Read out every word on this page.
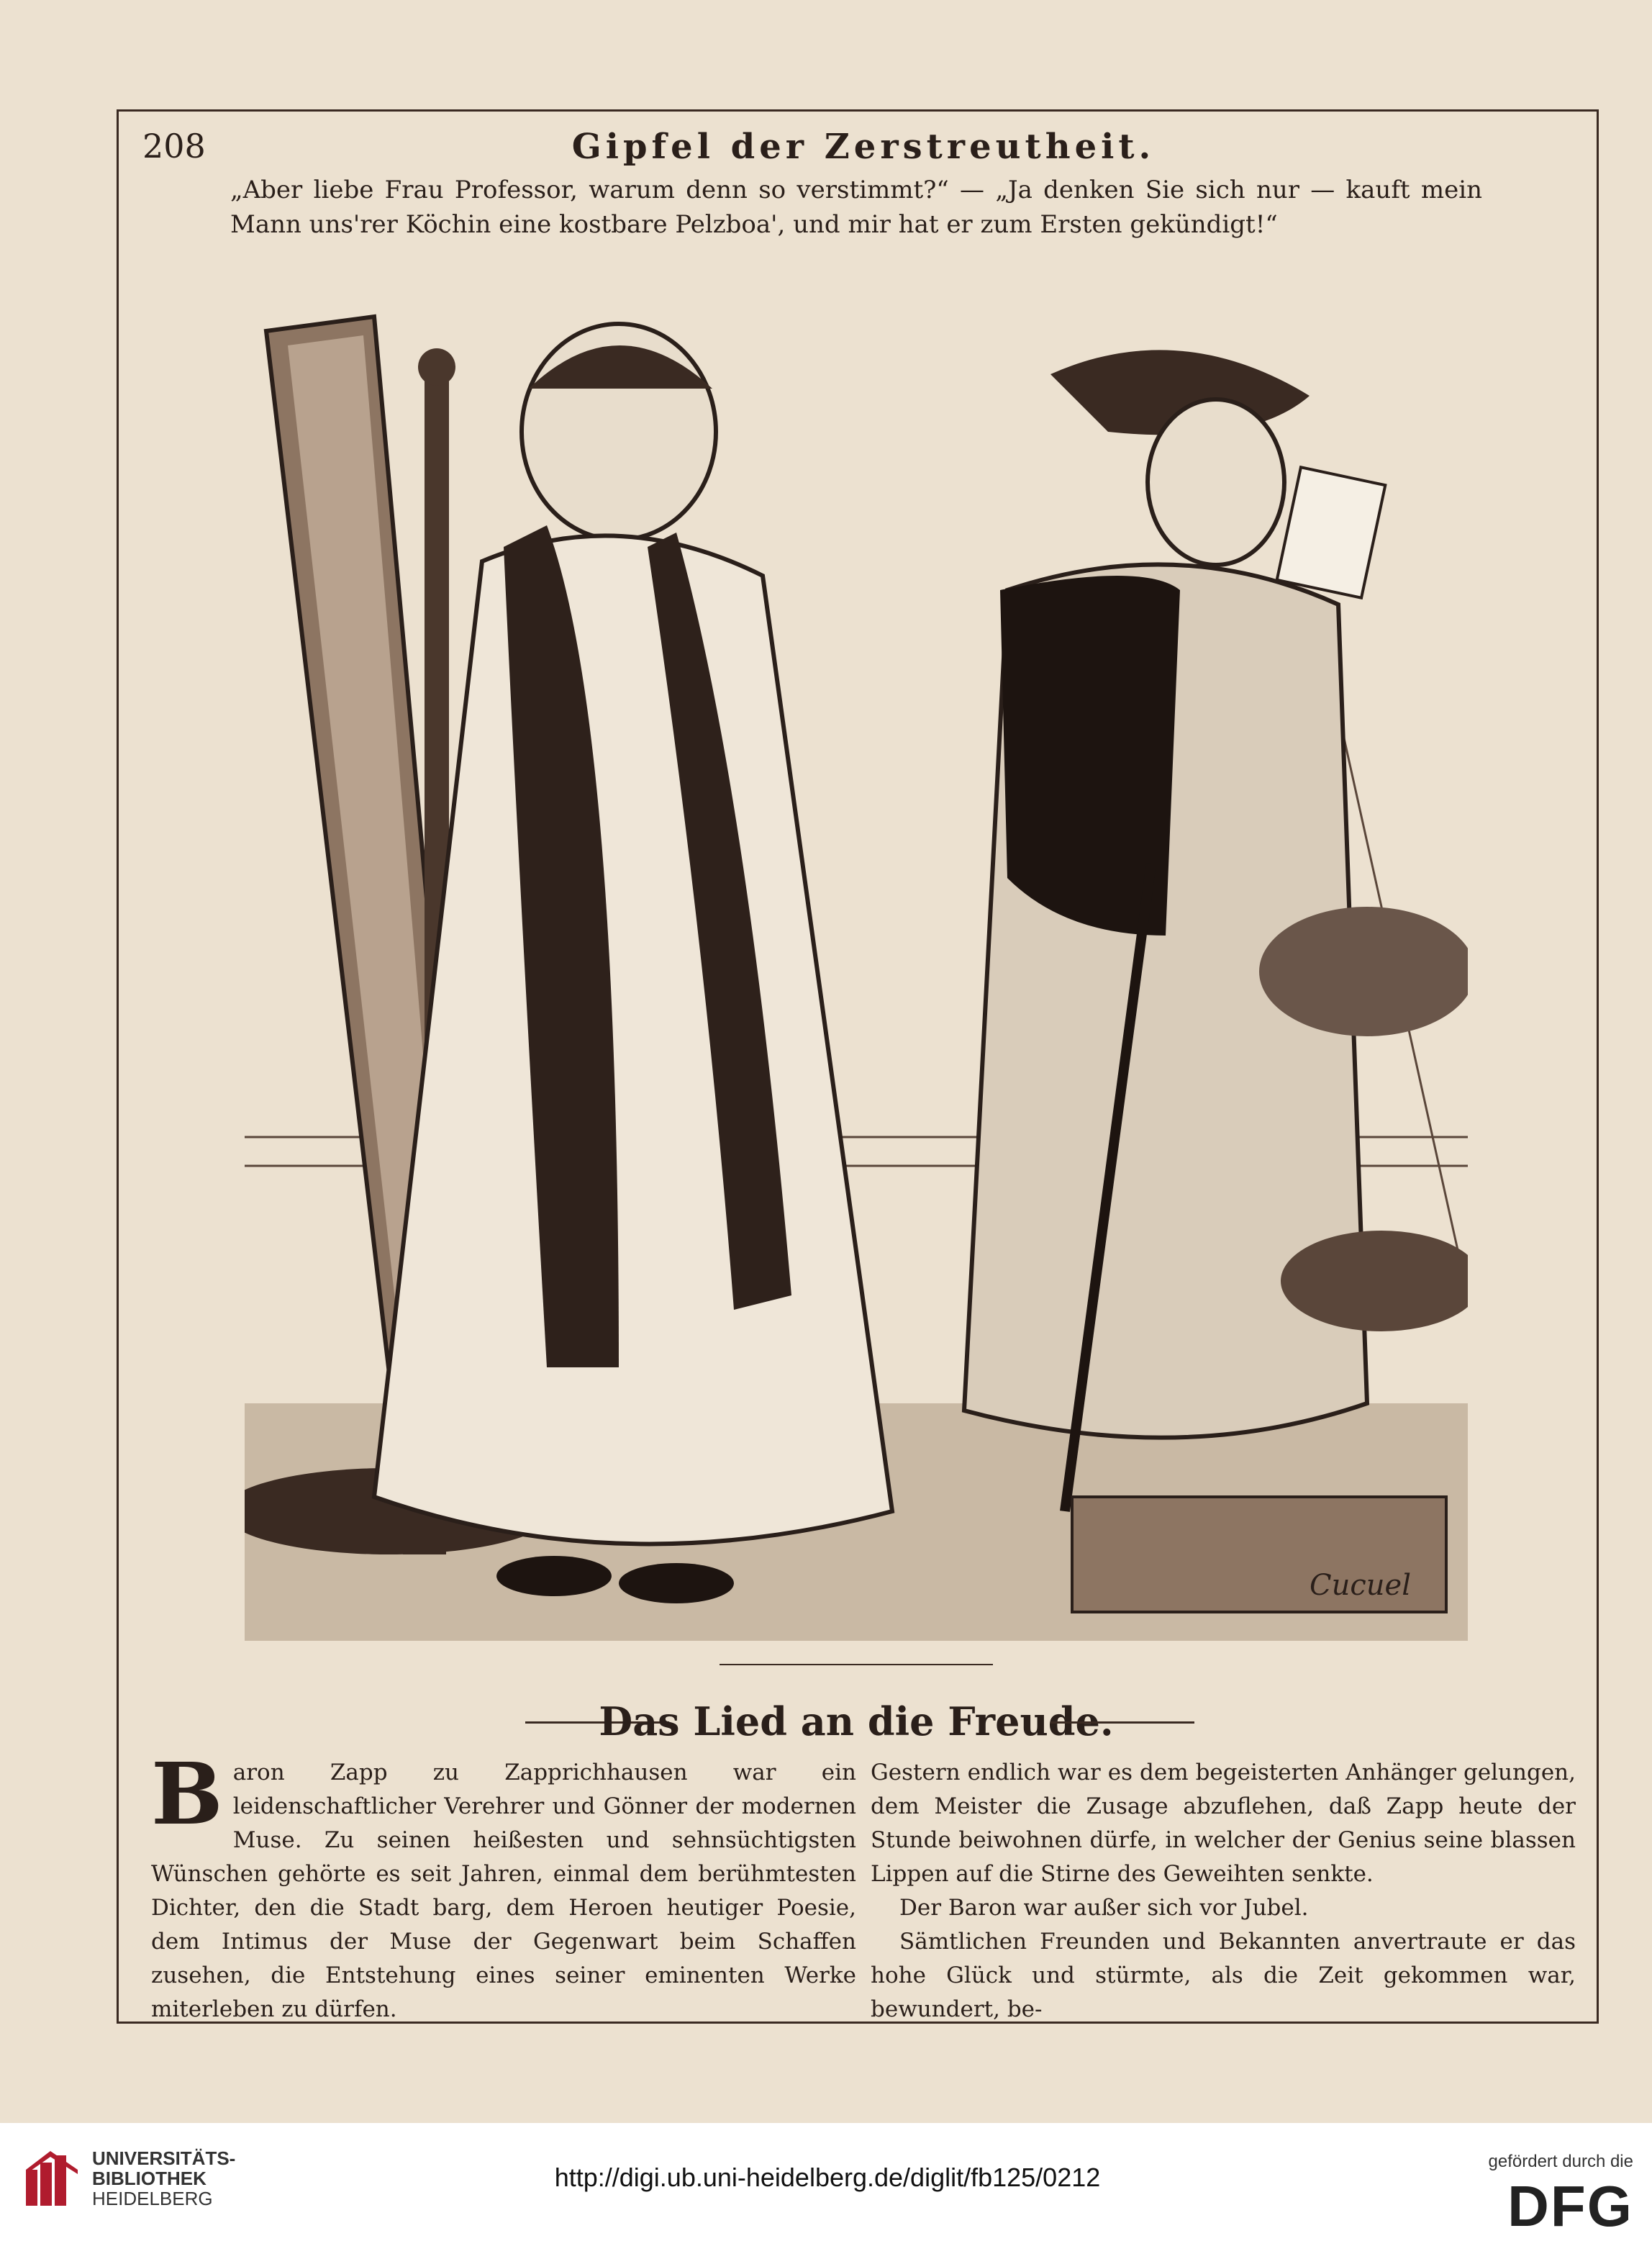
208	Gipfel der Zerstreutheit.
„Aber liebe Frau Professor, warum denn so verstimmt?“ — „Ja denken Sie sich nur — kauft mein Mann uns'rer Köchin eine kostbare Pelzboa', und mir hat er zum Ersten gekündigt!“
Cucuel
Das Lied an die Freude.

Baron Zapp zu Zapprichhausen war ein leidenschaftlicher Verehrer und Gönner der modernen Muse. Zu seinen heißesten und sehnsüchtigsten Wünschen gehörte es seit Jahren, einmal dem berühmtesten Dichter, den die Stadt barg, dem Heroen heutiger Poesie, dem Intimus der Muse der Gegenwart beim Schaffen zusehen, die Entstehung eines seiner eminenten Werke miterleben zu dürfen.

Gestern endlich war es dem begeisterten Anhänger gelungen, dem Meister die Zusage abzuflehen, daß Zapp heute der Stunde beiwohnen dürfe, in welcher der Genius seine blassen Lippen auf die Stirne des Geweihten senkte.

Der Baron war außer sich vor Jubel.

Sämtlichen Freunden und Bekannten anvertraute er das hohe Glück und stürmte, als die Zeit gekommen war, bewundert, be-

UNIVERSITÄTS-
BIBLIOTHEK
HEIDELBERG
http://digi.ub.uni-heidelberg.de/diglit/fb125/0212
gefördert durch die
DFG
